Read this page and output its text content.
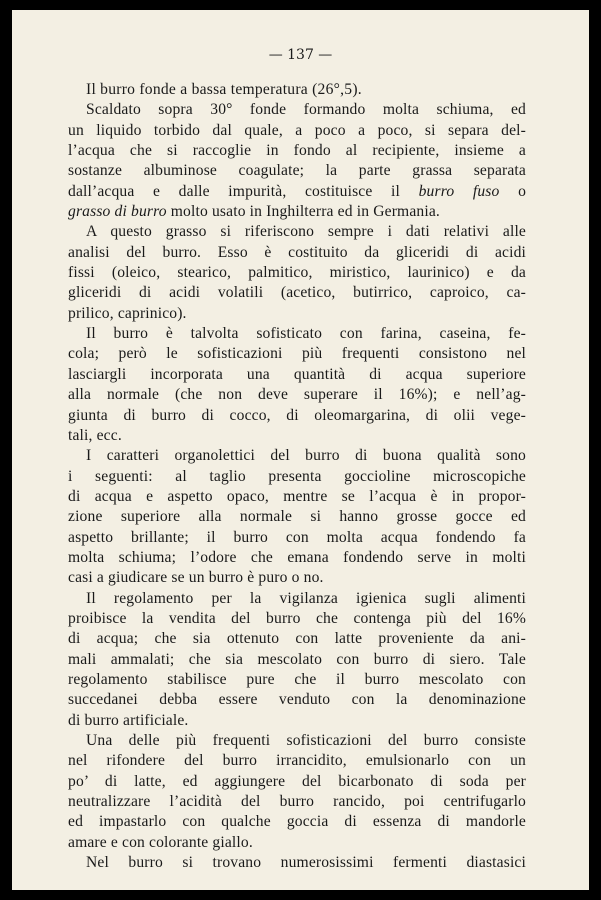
— 137 —
Il burro fonde a bassa temperatura (26°,5).
Scaldato sopra 30° fonde formando molta schiuma, ed
un liquido torbido dal quale, a poco a poco, si separa del-
l’acqua che si raccoglie in fondo al recipiente, insieme a
sostanze albuminose coagulate; la parte grassa separata
dall’acqua e dalle impurità, costituisce il burro fuso o
grasso di burro molto usato in Inghilterra ed in Germania.
A questo grasso si riferiscono sempre i dati relativi alle
analisi del burro. Esso è costituito da gliceridi di acidi
fissi (oleico, stearico, palmitico, miristico, laurinico) e da
gliceridi di acidi volatili (acetico, butirrico, caproico, ca-
prilico, caprinico).
Il burro è talvolta sofisticato con farina, caseina, fe-
cola; però le sofisticazioni più frequenti consistono nel
lasciargli incorporata una quantità di acqua superiore
alla normale (che non deve superare il 16%); e nell’ag-
giunta di burro di cocco, di oleomargarina, di olii vege-
tali, ecc.
I caratteri organolettici del burro di buona qualità sono
i seguenti: al taglio presenta goccioline microscopiche
di acqua e aspetto opaco, mentre se l’acqua è in propor-
zione superiore alla normale si hanno grosse gocce ed
aspetto brillante; il burro con molta acqua fondendo fa
molta schiuma; l’odore che emana fondendo serve in molti
casi a giudicare se un burro è puro o no.
Il regolamento per la vigilanza igienica sugli alimenti
proibisce la vendita del burro che contenga più del 16%
di acqua; che sia ottenuto con latte proveniente da ani-
mali ammalati; che sia mescolato con burro di siero. Tale
regolamento stabilisce pure che il burro mescolato con
succedanei debba essere venduto con la denominazione
di burro artificiale.
Una delle più frequenti sofisticazioni del burro consiste
nel rifondere del burro irrancidito, emulsionarlo con un
po’ di latte, ed aggiungere del bicarbonato di soda per
neutralizzare l’acidità del burro rancido, poi centrifugarlo
ed impastarlo con qualche goccia di essenza di mandorle
amare e con colorante giallo.
Nel burro si trovano numerosissimi fermenti diastasici
